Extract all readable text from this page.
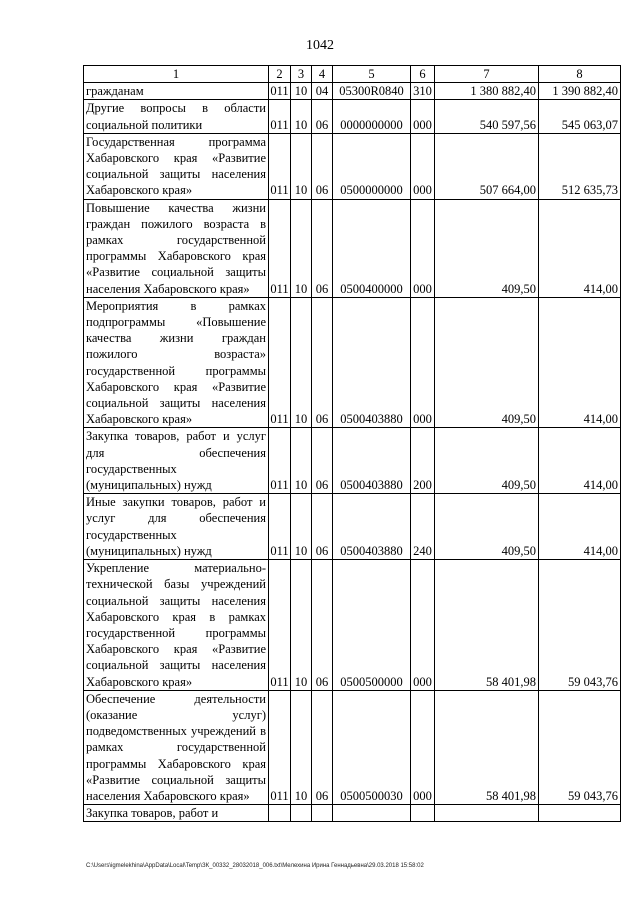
1042
1	2	3	4	5	6	7	8
гражданам	011	10	04	05300R0840	310	1 380 882,40	1 390 882,40
Другие вопросы в области социальной политики	011	10	06	0000000000	000	540 597,56	545 063,07
Государственная программа Хабаровского края «Развитие социальной защиты населения Хабаровского края»	011	10	06	0500000000	000	507 664,00	512 635,73
Повышение качества жизни граждан пожилого возраста в рамках государственной программы Хабаровского края «Развитие социальной защиты населения Хабаровского края»	011	10	06	0500400000	000	409,50	414,00
Мероприятия в рамках подпрограммы «Повышение качества жизни граждан пожилого возраста» государственной программы Хабаровского края «Развитие социальной защиты населения Хабаровского края»	011	10	06	0500403880	000	409,50	414,00
Закупка товаров, работ и услуг для обеспечения государственных (муниципальных) нужд	011	10	06	0500403880	200	409,50	414,00
Иные закупки товаров, работ и услуг для обеспечения государственных (муниципальных) нужд	011	10	06	0500403880	240	409,50	414,00
Укрепление материально-технической базы учреждений социальной защиты населения Хабаровского края в рамках государственной программы Хабаровского края «Развитие социальной защиты населения Хабаровского края»	011	10	06	0500500000	000	58 401,98	59 043,76
Обеспечение деятельности (оказание услуг) подведомственных учреждений в рамках государственной программы Хабаровского края «Развитие социальной защиты населения Хабаровского края»	011	10	06	0500500030	000	58 401,98	59 043,76
Закупка товаров, работ и							
C:\Users\igmelekhina\AppData\Local\Temp\ЗК_00332_28032018_006.txt\Мелехина Ирина Геннадьевна\29.03.2018 15:58:02
